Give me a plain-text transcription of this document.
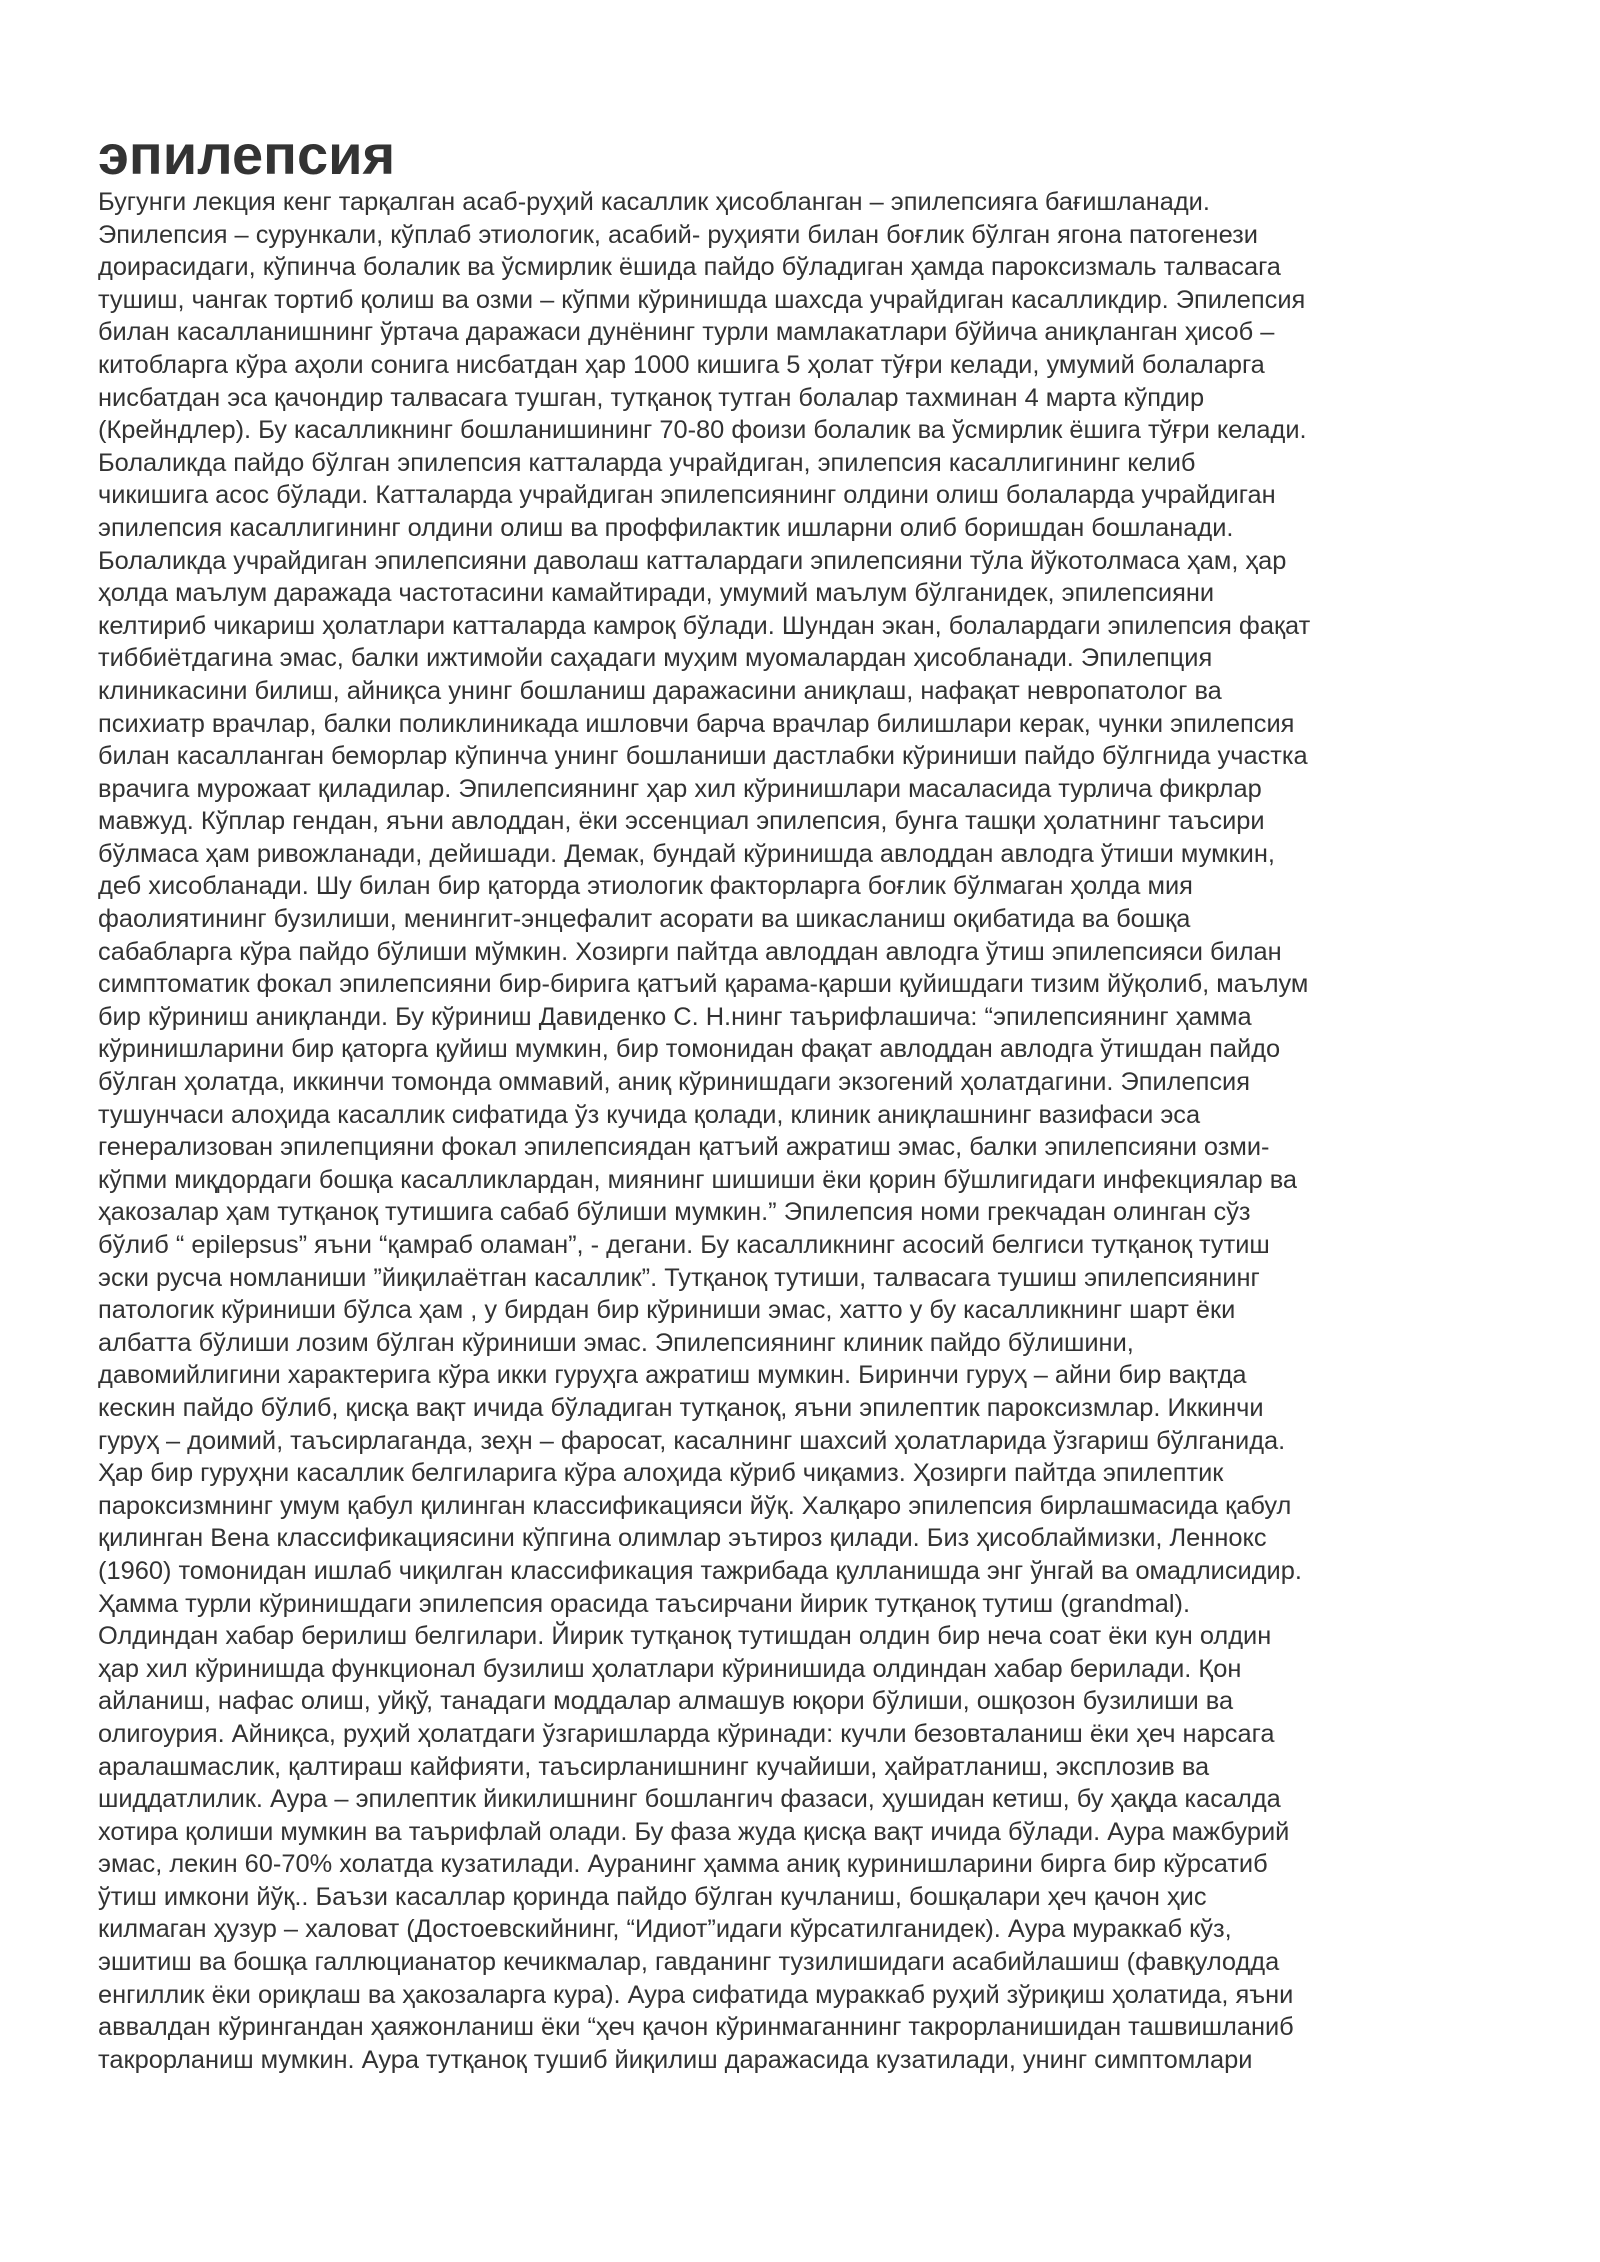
эпилепсия
Бугунги лекция кенг тарқалган асаб-руҳий касаллик ҳисобланган – эпилепсияга бағишланади.
Эпилепсия – сурункали, кўплаб этиологик, асабий- руҳияти билан боғлик бўлган ягона патогенези
доирасидаги, кўпинча болалик ва ўсмирлик ёшида пайдо бўладиган ҳамда пароксизмаль талвасага
тушиш, чангак тортиб қолиш ва озми – кўпми кўринишда шахсда учрайдиган касалликдир. Эпилепсия
билан касалланишнинг ўртача даражаси дунёнинг турли мамлакатлари бўйича аниқланган ҳисоб –
китобларга кўра аҳоли сонига нисбатдан ҳар 1000 кишига 5 ҳолат тўғри келади, умумий болаларга
нисбатдан эса қачондир талвасага тушган, тутқаноқ тутган болалар тахминан 4 марта кўпдир
(Крейндлер). Бу касалликнинг бошланишининг 70-80 фоизи болалик ва ўсмирлик ёшига тўғри келади.
Болаликда пайдо бўлган эпилепсия катталарда учрайдиган, эпилепсия касаллигининг келиб
чикишига асос бўлади. Катталарда учрайдиган эпилепсиянинг олдини олиш болаларда учрайдиган
эпилепсия касаллигининг олдини олиш ва проффилактик ишларни олиб боришдан бошланади.
Болаликда учрайдиган эпилепсияни даволаш катталардаги эпилепсияни тўла йўкотолмаса ҳам, ҳар
ҳолда маълум даражада частотасини камайтиради, умумий маълум бўлганидек, эпилепсияни
келтириб чикариш ҳолатлари катталарда камроқ бўлади. Шундан экан, болалардаги эпилепсия фақат
тиббиётдагина эмас, балки ижтимойи саҳадаги муҳим муомалардан ҳисобланади. Эпилепция
клиникасини билиш, айниқса унинг бошланиш даражасини аниқлаш, нафақат невропатолог ва
психиатр врачлар, балки поликлиникада ишловчи барча врачлар билишлари керак, чунки эпилепсия
билан касалланган беморлар кўпинча унинг бошланиши дастлабки кўриниши пайдо бўлгнида участка
врачига мурожаат қиладилар. Эпилепсиянинг ҳар хил кўринишлари масаласида турлича фикрлар
мавжуд. Кўплар гендан, яъни авлоддан, ёки эссенциал эпилепсия, бунга ташқи ҳолатнинг таъсири
бўлмаса ҳам ривожланади, дейишади. Демак, бундай кўринишда авлоддан авлодга ўтиши мумкин,
деб хисобланади. Шу билан бир қаторда этиологик факторларга боғлик бўлмаган ҳолда мия
фаолиятининг бузилиши, менингит-энцефалит асорати ва шикасланиш оқибатида ва бошқа
сабабларга кўра пайдо бўлиши мўмкин. Хозирги пайтда авлоддан авлодга ўтиш эпилепсияси билан
симптоматик фокал эпилепсияни бир-бирига қатъий қарама-қарши қуйишдаги тизим йўқолиб, маълум
бир кўриниш аниқланди. Бу кўриниш Давиденко С. Н.нинг таърифлашича: “эпилепсиянинг ҳамма
кўринишларини бир қаторга қуйиш мумкин, бир томонидан фақат авлоддан авлодга ўтишдан пайдо
бўлган ҳолатда, иккинчи томонда оммавий, аниқ кўринишдаги экзогений ҳолатдагини. Эпилепсия
тушунчаси алоҳида касаллик сифатида ўз кучида қолади, клиник аниқлашнинг вазифаси эса
генерализован эпилепцияни фокал эпилепсиядан қатъий ажратиш эмас, балки эпилепсияни озми-
кўпми миқдордаги бошқа касалликлардан, миянинг шишиши ёки қорин бўшлигидаги инфекциялар ва
ҳакозалар ҳам тутқаноқ тутишига сабаб бўлиши мумкин.” Эпилепсия номи грекчадан олинган сўз
бўлиб “ epilepsus” яъни “қамраб оламан”, - дегани. Бу касалликнинг асосий белгиси тутқаноқ тутиш
эски русча номланиши ”йиқилаётган касаллик”. Тутқаноқ тутиши, талвасага тушиш эпилепсиянинг
патологик кўриниши бўлса ҳам , у бирдан бир кўриниши эмас, хатто у бу касалликнинг шарт ёки
албатта бўлиши лозим бўлган кўриниши эмас. Эпилепсиянинг клиник пайдо бўлишини,
давомийлигини характерига кўра икки гуруҳга ажратиш мумкин. Биринчи гуруҳ – айни бир вақтда
кескин пайдо бўлиб, қисқа вақт ичида бўладиган тутқаноқ, яъни эпилептик пароксизмлар. Иккинчи
гуруҳ – доимий, таъсирлаганда, зеҳн – фаросат, касалнинг шахсий ҳолатларида ўзгариш бўлганида.
Ҳар бир гуруҳни касаллик белгиларига кўра алоҳида кўриб чиқамиз. Ҳозирги пайтда эпилептик
пароксизмнинг умум қабул қилинган классификацияси йўқ. Халқаро эпилепсия бирлашмасида қабул
қилинган Вена классификациясини кўпгина олимлар эътироз қилади. Биз ҳисоблаймизки, Леннокс
(1960) томонидан ишлаб чиқилган классификация тажрибада қулланишда энг ўнгай ва омадлисидир.
Ҳамма турли кўринишдаги эпилепсия орасида таъсирчани йирик тутқаноқ тутиш (grandmal).
Олдиндан хабар берилиш белгилари. Йирик тутқаноқ тутишдан олдин бир неча соат ёки кун олдин
ҳар хил кўринишда функционал бузилиш ҳолатлари кўринишида олдиндан хабар берилади. Қон
айланиш, нафас олиш, уйқў, танадаги моддалар алмашув юқори бўлиши, ошқозон бузилиши ва
олигоурия. Айниқса, руҳий ҳолатдаги ўзгаришларда кўринади: кучли безовталаниш ёки ҳеч нарсага
аралашмаслик, қалтираш кайфияти, таъсирланишнинг кучайиши, ҳайратланиш, эксплозив ва
шиддатлилик. Аура – эпилептик йикилишнинг бошлангич фазаси, ҳушидан кетиш, бу ҳақда касалда
хотира қолиши мумкин ва таърифлай олади. Бу фаза жуда қисқа вақт ичида бўлади. Аура мажбурий
эмас, лекин 60-70% холатда кузатилади. Ауранинг ҳамма аниқ куринишларини биргa бир кўрсатиб
ўтиш имкони йўқ.. Баъзи касаллар қоринда пайдо бўлган кучланиш, бошқалари ҳеч қачон ҳис
килмаган ҳузур – халоват (Достоевскийнинг, “Идиот”идаги кўрсатилганидек). Аура мураккаб кўз,
эшитиш ва бошқа галлюцианатор кечикмалар, гавданинг тузилишидаги асабийлашиш (фавқулодда
енгиллик ёки ориқлаш ва ҳакозаларга кура). Аура сифатида мураккаб руҳий зўриқиш ҳолатида, яъни
аввалдан кўрингандан ҳаяжонланиш ёки “ҳеч қачон кўринмаганнинг такрорланишидан ташвишланиб
такрорланиш мумкин. Аура тутқаноқ тушиб йиқилиш даражасида кузатилади, унинг симптомлари
